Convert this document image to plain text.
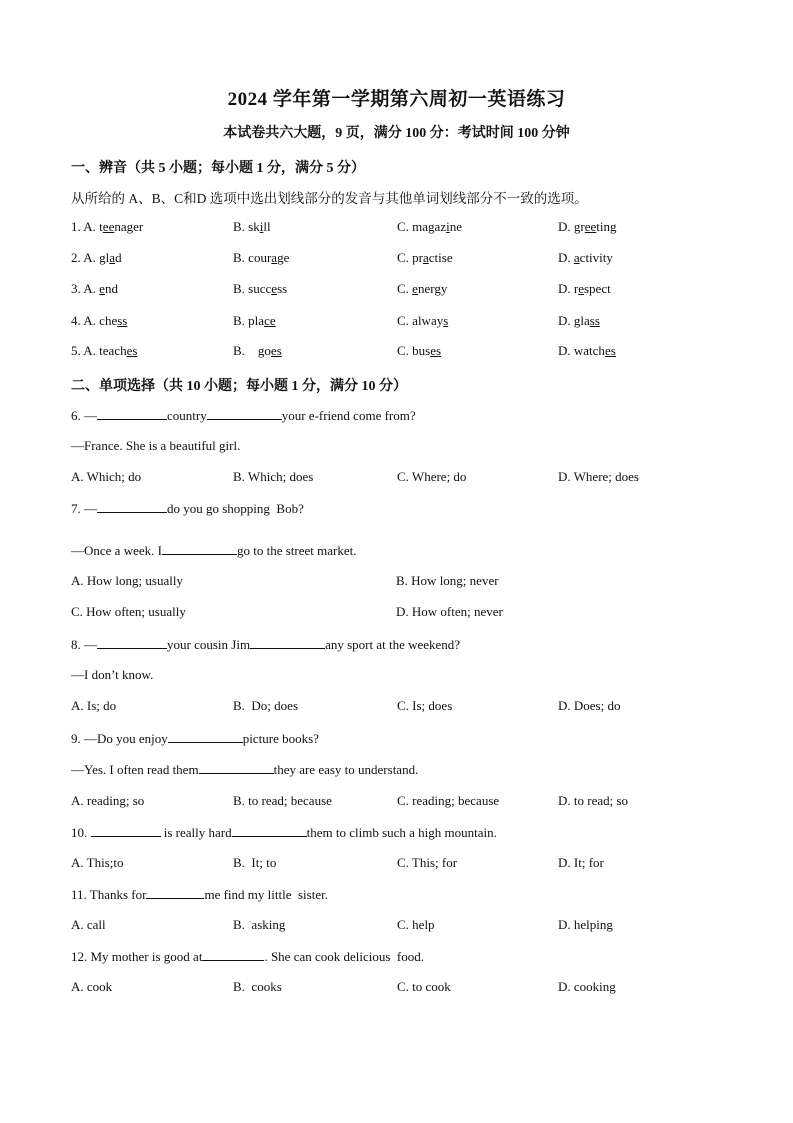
2024 学年第一学期第六周初一英语练习
本试卷共六大题，9 页，满分 100 分：考试时间 100 分钟
一、辨音（共 5 小题；每小题 1 分，满分 5 分）
从所给的 A、B、C和D 选项中选出划线部分的发音与其他单词划线部分不一致的选项。
1. A. teenager	B. skill	C. magazine	D. greeting
2. A. glad	B. courage	C. practise	D. activity
3. A. end	B. success	C. energy	D. respect
4. A. chess	B. place	C. always	D. glass
5. A. teaches	B.    goes	C. buses	D. watches
二、单项选择（共 10 小题；每小题 1 分，满分 10 分）
6. —	country	your e-friend come from?
—France. She is a beautiful girl.
A. Which; do	B. Which; does	C. Where; do	D. Where; does
7. —	do you go shopping  Bob?
—Once a week. I	go to the street market.
A. How long; usually	B. How long; never
C. How often; usually	D. How often; never
8. —	your cousin Jim	any sport at the weekend?
—I don’t know.
A. Is; do	B.  Do; does	C. Is; does	D. Does; do
9. —Do you enjoy	picture books?
—Yes. I often read them	they are easy to understand.
A. reading; so	B. to read; because	C. reading; because	D. to read; so
10.	is really hard	them to climb such a high mountain.
A. This;to	B.  It; to	C. This; for	D. It; for
11. Thanks for	me find my little  sister.
A. call	B.  asking	C. help	D. helping
12. My mother is good at	. She can cook delicious  food.
A. cook	B.  cooks	C. to cook	D. cooking
